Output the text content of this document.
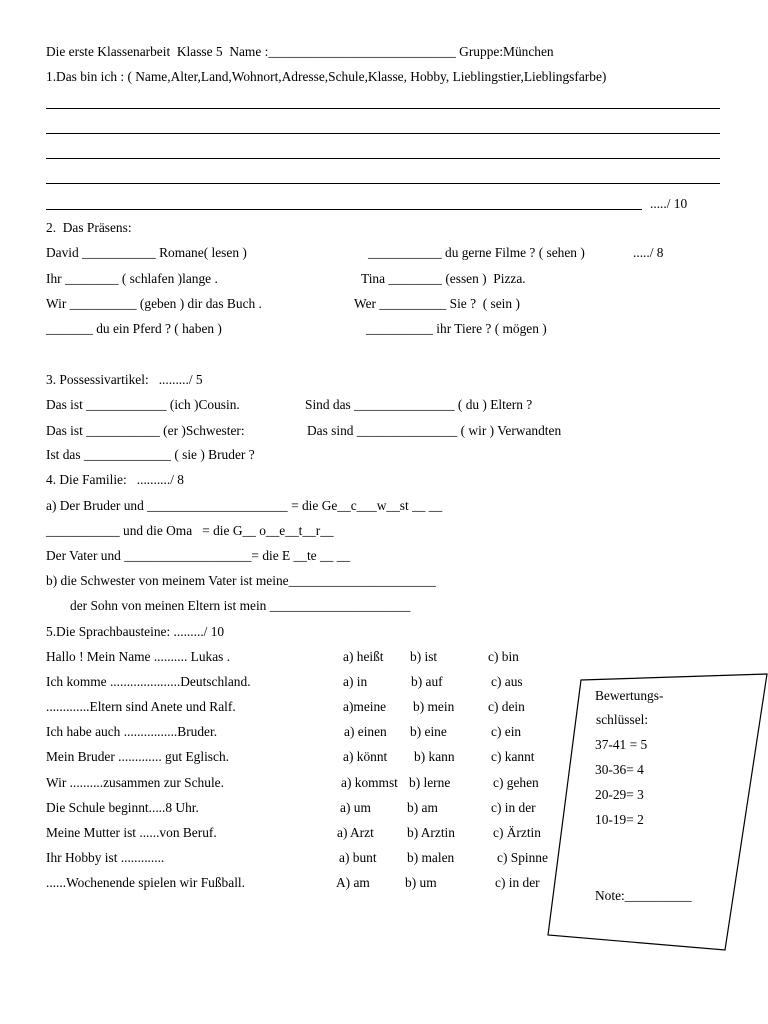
Die erste Klassenarbeit  Klasse 5  Name :____________________________ Gruppe:München
1.Das bin ich : ( Name,Alter,Land,Wohnort,Adresse,Schule,Klasse, Hobby, Lieblingstier,Lieblingsfarbe)
...../ 10
2.  Das Präsens:
David ___________ Romane( lesen )	___________ du gerne Filme ? ( sehen )	...../ 8
Ihr ________ ( schlafen )lange .	Tina ________ (essen )  Pizza.
Wir __________ (geben ) dir das Buch .	Wer __________ Sie ?  ( sein )
_______ du ein Pferd ? ( haben )	__________ ihr Tiere ? ( mögen )
3. Possessivartikel:   ........./ 5
Das ist ____________ (ich )Cousin.	Sind das _______________ ( du ) Eltern ?
Das ist ___________ (er )Schwester:	Das sind _______________ ( wir ) Verwandten
Ist das _____________ ( sie ) Bruder ?
4. Die Familie:   ........../ 8
a) Der Bruder und _____________________ = die Ge__c___w__st __ __
___________ und die Oma   = die G__ o__e__t__r__
Der Vater und ___________________= die E __te __ __
b) die Schwester von meinem Vater ist meine______________________
der Sohn von meinen Eltern ist mein _____________________
5.Die Sprachbausteine: ........./ 10
Hallo ! Mein Name .......... Lukas .	a) heißt b) ist	c) bin
Ich komme .....................Deutschland.	a) in	b) auf	c) aus
.............Eltern sind Anete und Ralf.	a)meine b) mein	c) dein
Ich habe auch ................Bruder.	a) einen b) eine	c) ein
Mein Bruder ............. gut Eglisch.	a) könnt b) kann	c) kannt
Wir ..........zusammen zur Schule.	a) kommst b) lerne	c) gehen
Die Schule beginnt.....8 Uhr.	a) um	b) am	c) in der
Meine Mutter ist ......von Beruf.	a) Arzt b) Arztin	c) Ärztin
Ihr Hobby ist .............	a) bunt b) malen	c) Spinne
......Wochenende spielen wir Fußball.	A) am	b) um	c) in der
Bewertungs-
schlüssel:
37-41 = 5
30-36= 4
20-29= 3
10-19= 2
Note:__________
